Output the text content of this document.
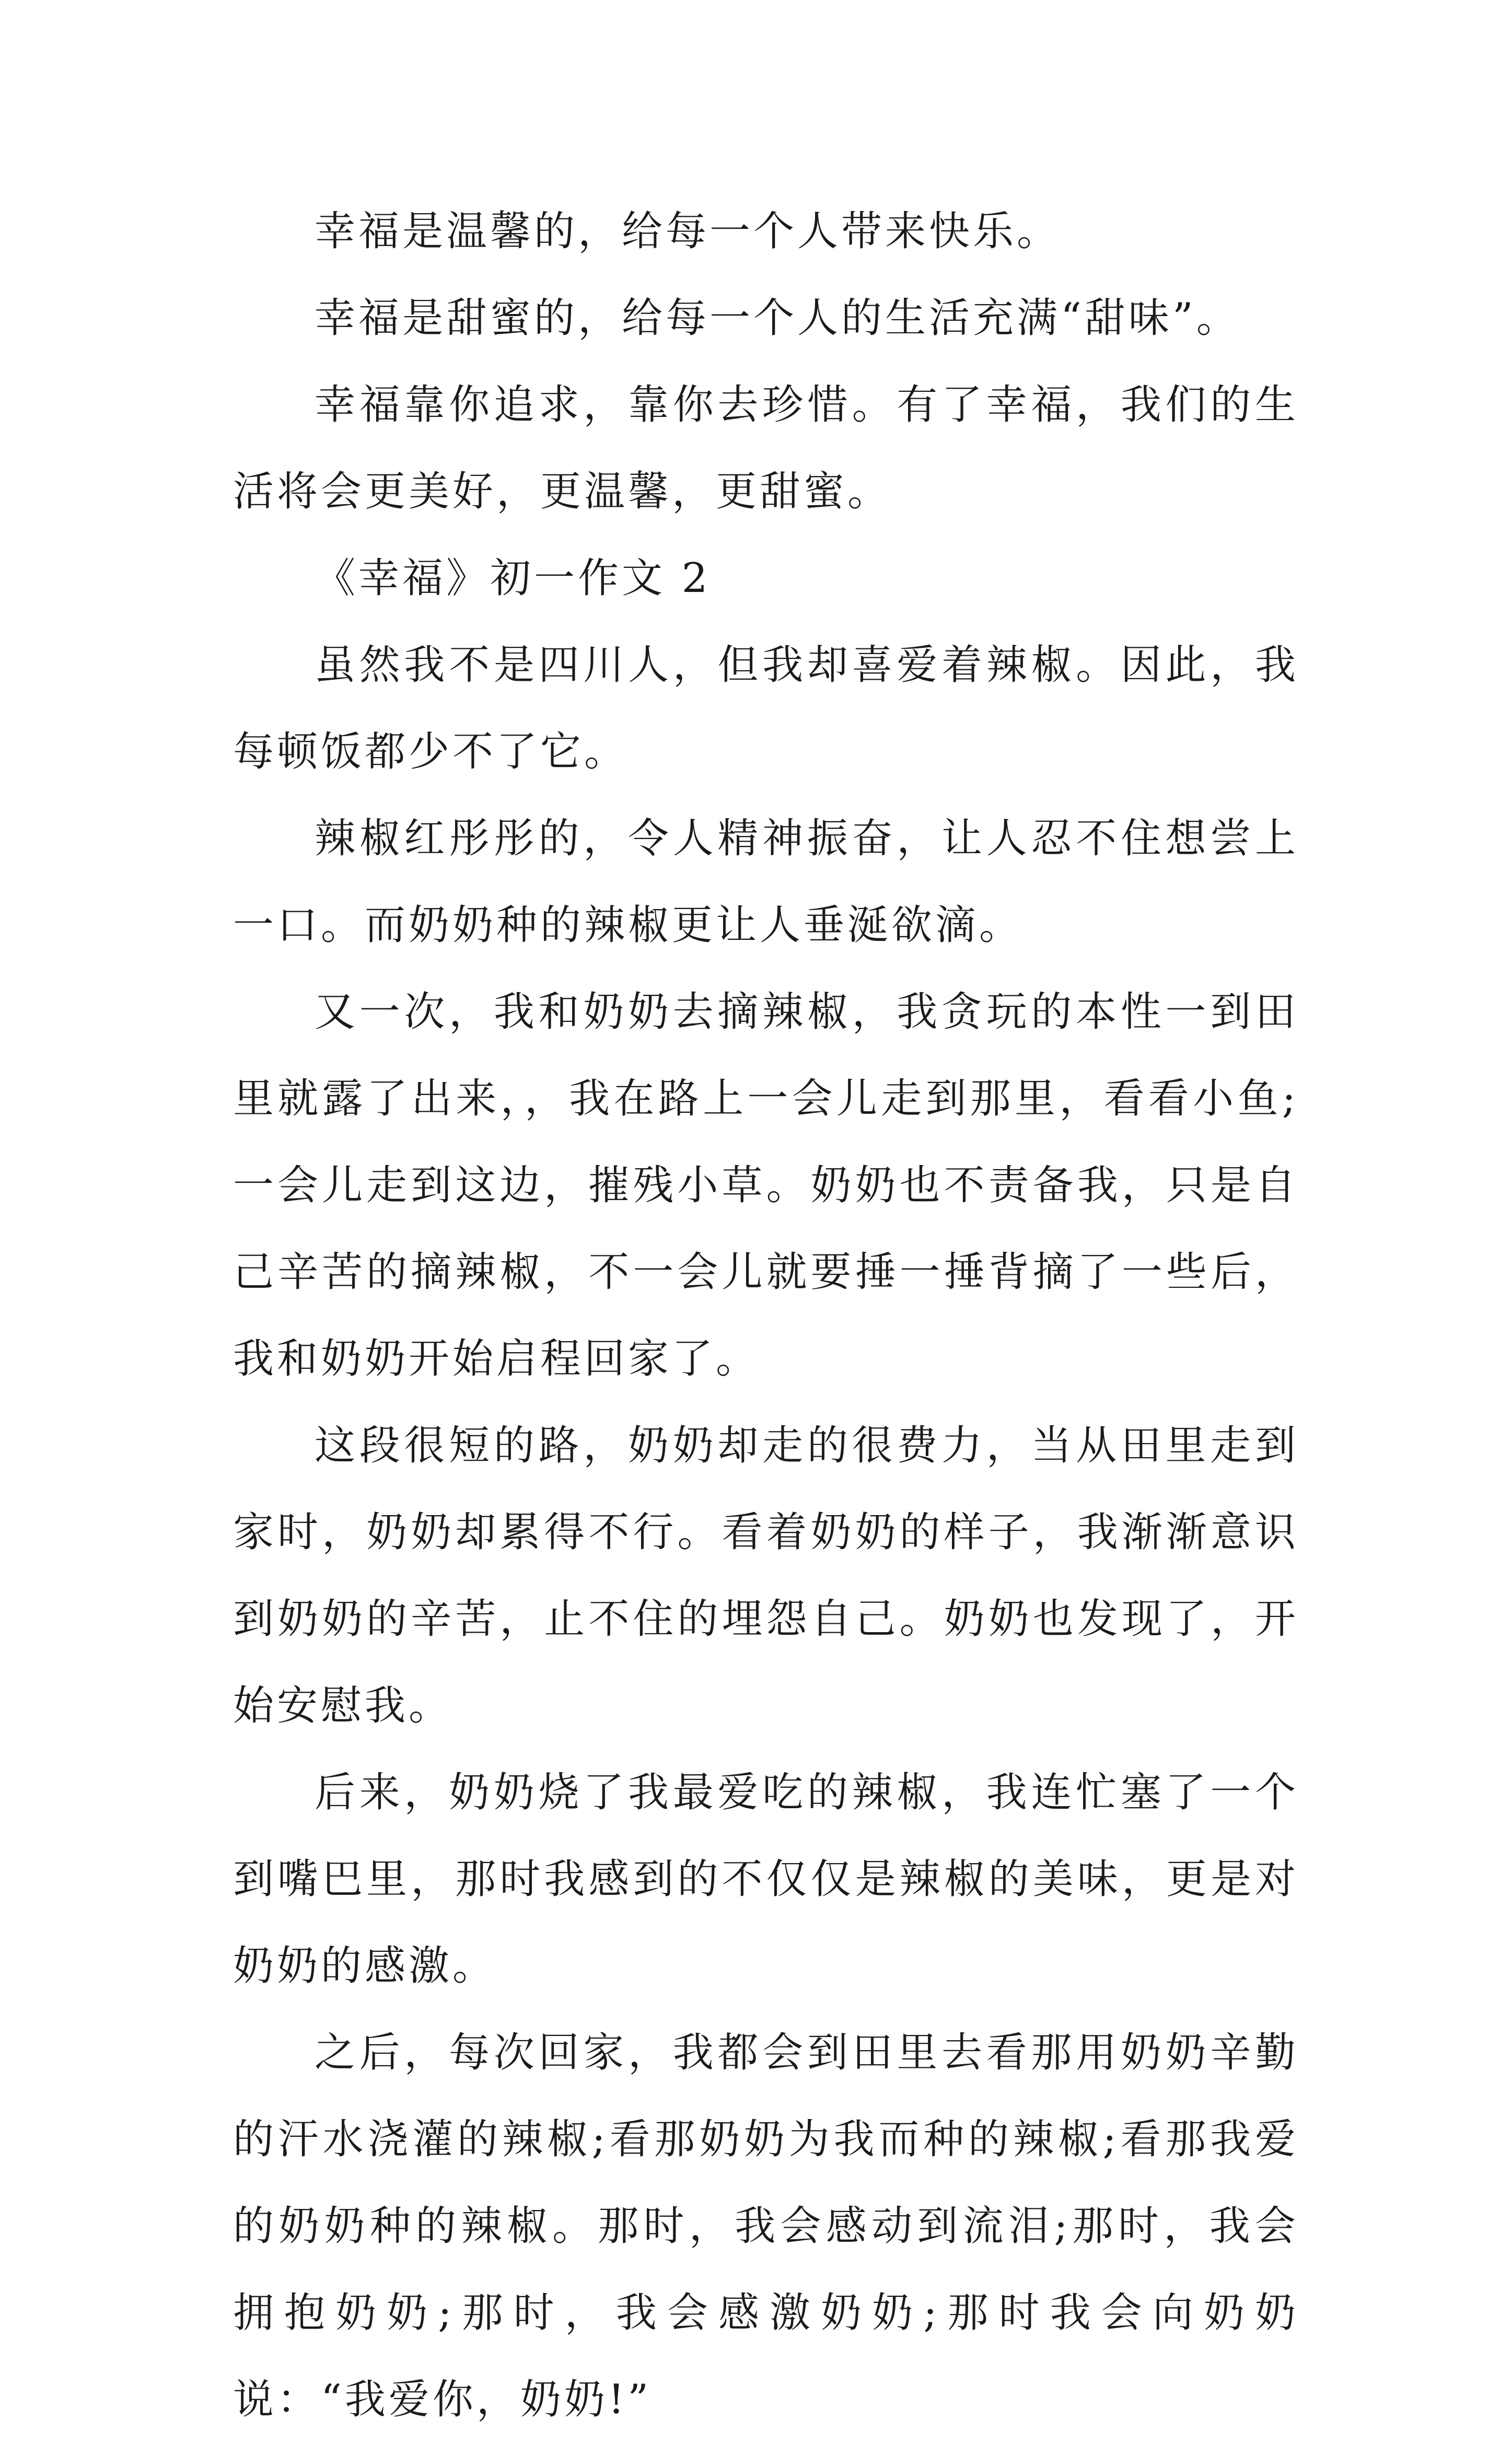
幸福是温馨的，给每一个人带来快乐。

幸福是甜蜜的，给每一个人的生活充满“甜味”。

幸福靠你追求，靠你去珍惜。有了幸福，我们的生活将会更美好，更温馨，更甜蜜。

《幸福》初一作文 2

虽然我不是四川人，但我却喜爱着辣椒。因此，我每顿饭都少不了它。

辣椒红彤彤的，令人精神振奋，让人忍不住想尝上一口。而奶奶种的辣椒更让人垂涎欲滴。

又一次，我和奶奶去摘辣椒，我贪玩的本性一到田里就露了出来，，我在路上一会儿走到那里，看看小鱼;一会儿走到这边，摧残小草。奶奶也不责备我，只是自己辛苦的摘辣椒，不一会儿就要捶一捶背摘了一些后，我和奶奶开始启程回家了。

这段很短的路，奶奶却走的很费力，当从田里走到家时，奶奶却累得不行。看着奶奶的样子，我渐渐意识到奶奶的辛苦，止不住的埋怨自己。奶奶也发现了，开始安慰我。

后来，奶奶烧了我最爱吃的辣椒，我连忙塞了一个到嘴巴里，那时我感到的不仅仅是辣椒的美味，更是对奶奶的感激。

之后，每次回家，我都会到田里去看那用奶奶辛勤的汗水浇灌的辣椒;看那奶奶为我而种的辣椒;看那我爱的奶奶种的辣椒。那时，我会感动到流泪;那时，我会拥抱奶奶;那时，我会感激奶奶;那时我会向奶奶说：“我爱你，奶奶!”
